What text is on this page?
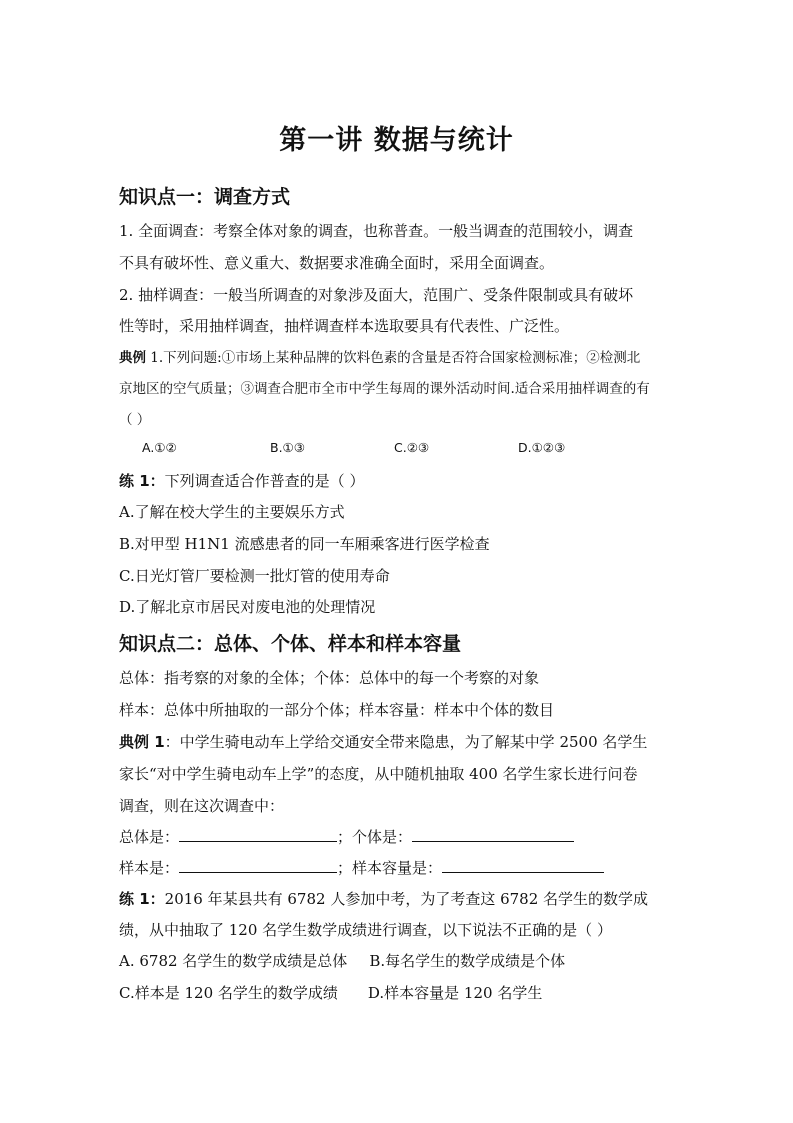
第一讲 数据与统计
知识点一：调查方式
1. 全面调查：考察全体对象的调查，也称普查。一般当调查的范围较小，调查
不具有破坏性、意义重大、数据要求准确全面时，采用全面调查。
2. 抽样调查：一般当所调查的对象涉及面大，范围广、受条件限制或具有破坏
性等时，采用抽样调查，抽样调查样本选取要具有代表性、广泛性。
典例 1.下列问题:①市场上某种品牌的饮料色素的含量是否符合国家检测标准；②检测北
京地区的空气质量；③调查合肥市全市中学生每周的课外活动时间.适合采用抽样调查的有
（ ）
A.①②	B.①③	C.②③	D.①②③
练 1：下列调查适合作普查的是（ ）
A.了解在校大学生的主要娱乐方式
B.对甲型 H1N1 流感患者的同一车厢乘客进行医学检查
C.日光灯管厂要检测一批灯管的使用寿命
D.了解北京市居民对废电池的处理情况
知识点二：总体、个体、样本和样本容量
总体：指考察的对象的全体；个体：总体中的每一个考察的对象
样本：总体中所抽取的一部分个体；样本容量：样本中个体的数目
典例 1：中学生骑电动车上学给交通安全带来隐患，为了解某中学 2500 名学生
家长“对中学生骑电动车上学”的态度，从中随机抽取 400 名学生家长进行问卷
调查，则在这次调查中：
总体是：	；个体是：
样本是：	；样本容量是：
练 1：2016 年某县共有 6782 人参加中考，为了考查这 6782 名学生的数学成
绩，从中抽取了 120 名学生数学成绩进行调查，以下说法不正确的是（ ）
A. 6782 名学生的数学成绩是总体 B.每名学生的数学成绩是个体
C.样本是 120 名学生的数学成绩 D.样本容量是 120 名学生
